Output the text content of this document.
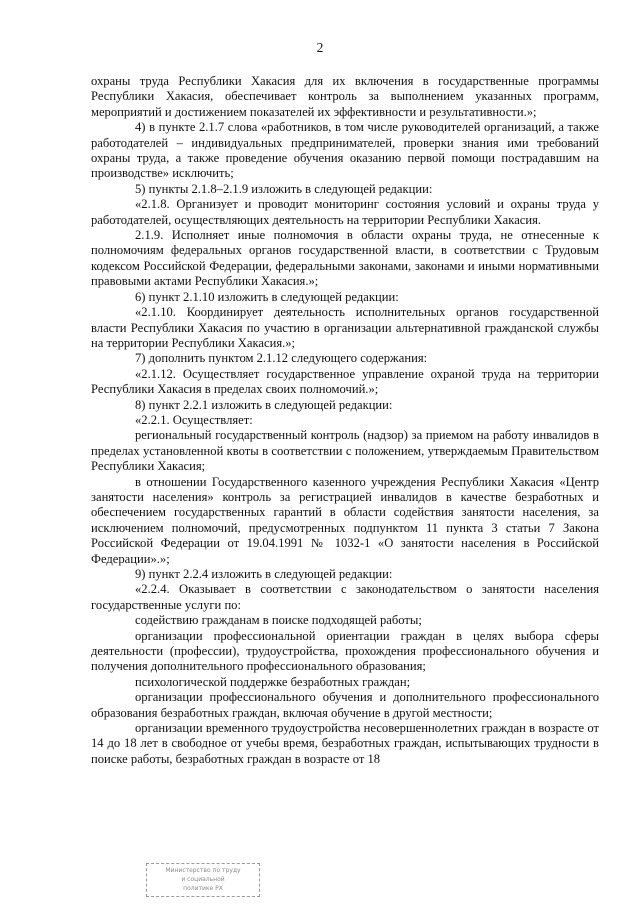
2

охраны труда Республики Хакасия для их включения в государственные программы Республики Хакасия, обеспечивает контроль за выполнением указанных программ, мероприятий и достижением показателей их эффективности и результативности.»;

4) в пункте 2.1.7 слова «работников, в том числе руководителей организаций, а также работодателей – индивидуальных предпринимателей, проверки знания ими требований охраны труда, а также проведение обучения оказанию первой помощи пострадавшим на производстве» исключить;

5) пункты 2.1.8–2.1.9 изложить в следующей редакции:

«2.1.8. Организует и проводит мониторинг состояния условий и охраны труда у работодателей, осуществляющих деятельность на территории Республики Хакасия.

2.1.9. Исполняет иные полномочия в области охраны труда, не отнесенные к полномочиям федеральных органов государственной власти, в соответствии с Трудовым кодексом Российской Федерации, федеральными законами, законами и иными нормативными правовыми актами Республики Хакасия.»;

6) пункт 2.1.10 изложить в следующей редакции:

«2.1.10. Координирует деятельность исполнительных органов государственной власти Республики Хакасия по участию в организации альтернативной гражданской службы на территории Республики Хакасия.»;

7) дополнить пунктом 2.1.12 следующего содержания:

«2.1.12. Осуществляет государственное управление охраной труда на территории Республики Хакасия в пределах своих полномочий.»;

8) пункт 2.2.1 изложить в следующей редакции:

«2.2.1. Осуществляет:

региональный государственный контроль (надзор) за приемом на работу инвалидов в пределах установленной квоты в соответствии с положением, утверждаемым Правительством Республики Хакасия;

в отношении Государственного казенного учреждения Республики Хакасия «Центр занятости населения» контроль за регистрацией инвалидов в качестве безработных и обеспечением государственных гарантий в области содействия занятости населения, за исключением полномочий, предусмотренных подпунктом 11 пункта 3 статьи 7 Закона Российской Федерации от 19.04.1991 № 1032-1 «О занятости населения в Российской Федерации».»;

9) пункт 2.2.4 изложить в следующей редакции:

«2.2.4. Оказывает в соответствии с законодательством о занятости населения государственные услуги по:

содействию гражданам в поиске подходящей работы;

организации профессиональной ориентации граждан в целях выбора сферы деятельности (профессии), трудоустройства, прохождения профессионального обучения и получения дополнительного профессионального образования;

психологической поддержке безработных граждан;

организации профессионального обучения и дополнительного профессионального образования безработных граждан, включая обучение в другой местности;

организации временного трудоустройства несовершеннолетних граждан в возрасте от 14 до 18 лет в свободное от учебы время, безработных граждан, испытывающих трудности в поиске работы, безработных граждан в возрасте от 18

Министерство по труду
и социальной
политике РХ
